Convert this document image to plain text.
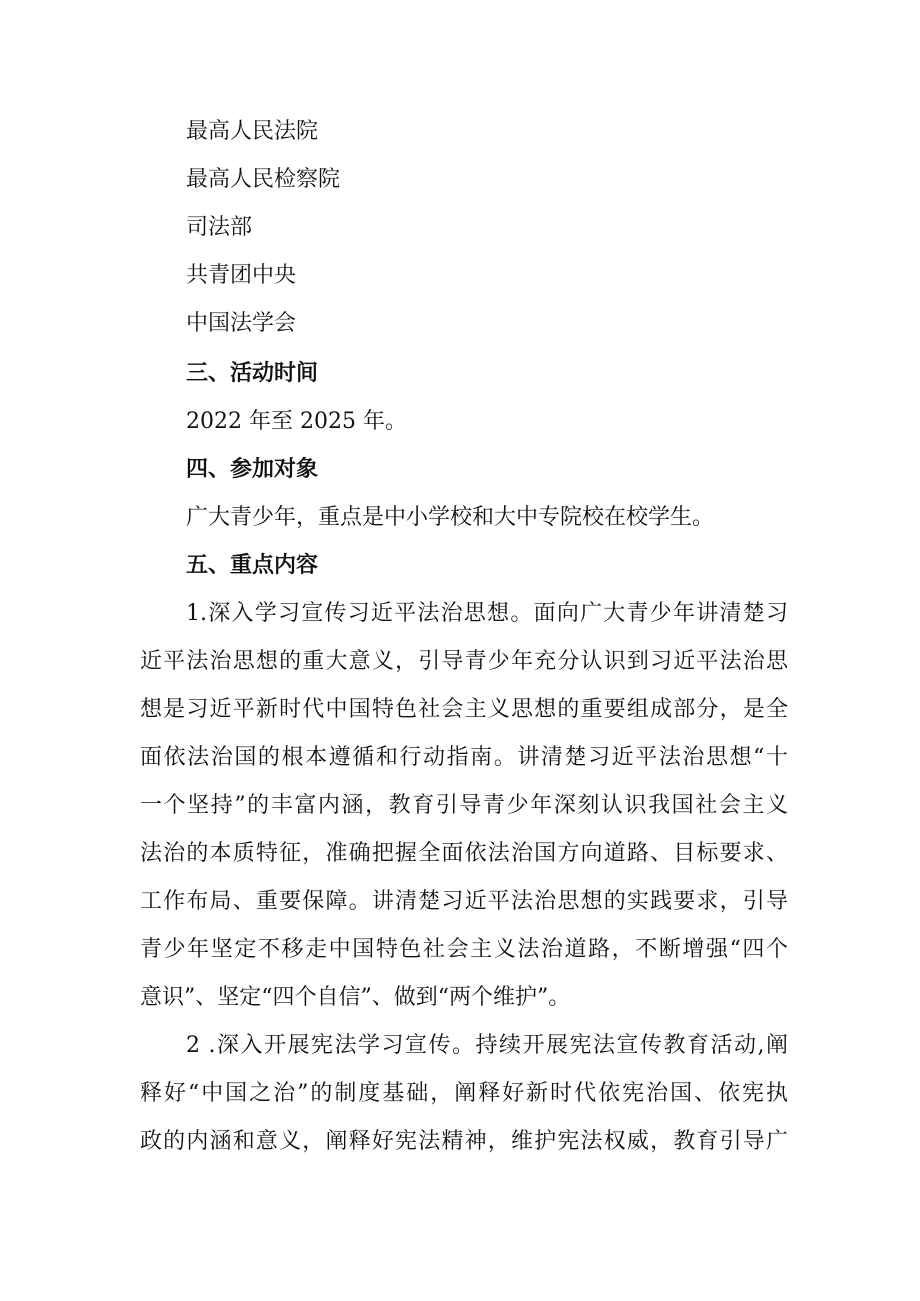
最高人民法院
最高人民检察院
司法部
共青团中央
中国法学会
三、活动时间
2022 年至 2025 年。
四、参加对象
广大青少年，重点是中小学校和大中专院校在校学生。
五、重点内容
1.深入学习宣传习近平法治思想。面向广大青少年讲清楚习
近平法治思想的重大意义，引导青少年充分认识到习近平法治思
想是习近平新时代中国特色社会主义思想的重要组成部分，是全
面依法治国的根本遵循和行动指南。讲清楚习近平法治思想“十
一个坚持”的丰富内涵，教育引导青少年深刻认识我国社会主义
法治的本质特征，准确把握全面依法治国方向道路、目标要求、
工作布局、重要保障。讲清楚习近平法治思想的实践要求，引导
青少年坚定不移走中国特色社会主义法治道路，不断增强“四个
意识”、坚定“四个自信”、做到“两个维护”。
2 .深入开展宪法学习宣传。持续开展宪法宣传教育活动,阐
释好“中国之治”的制度基础，阐释好新时代依宪治国、依宪执
政的内涵和意义，阐释好宪法精神，维护宪法权威，教育引导广
